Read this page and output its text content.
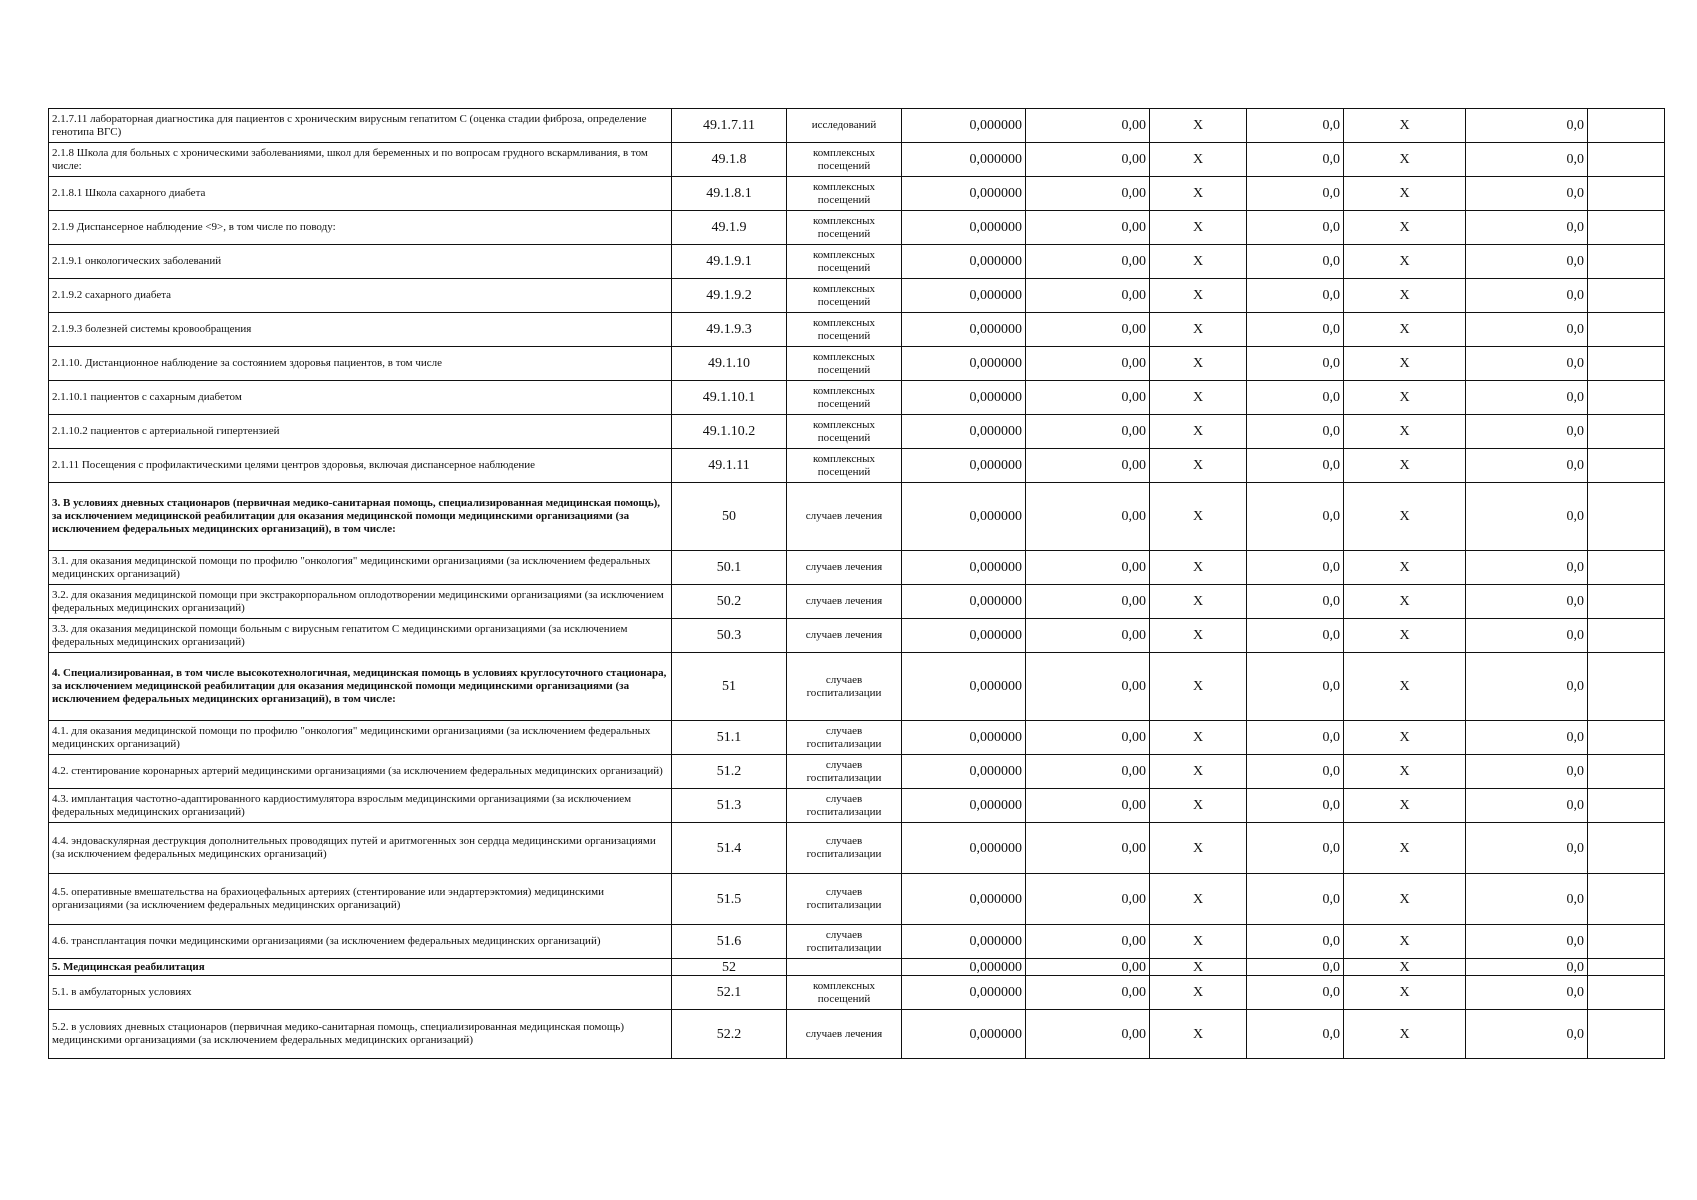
2.1.7.11 лабораторная диагностика для пациентов с хроническим вирусным гепатитом С (оценка стадии фиброза, определение генотипа ВГС)	49.1.7.11	исследований	0,000000	0,00	X	0,0	X	0,0	
2.1.8 Школа для больных с хроническими заболеваниями, школ для беременных и по вопросам грудного вскармливания, в том числе:	49.1.8	комплексных посещений	0,000000	0,00	X	0,0	X	0,0	
2.1.8.1 Школа сахарного диабета	49.1.8.1	комплексных посещений	0,000000	0,00	X	0,0	X	0,0	
2.1.9 Диспансерное наблюдение <9>, в том числе по поводу:	49.1.9	комплексных посещений	0,000000	0,00	X	0,0	X	0,0	
2.1.9.1 онкологических заболеваний	49.1.9.1	комплексных посещений	0,000000	0,00	X	0,0	X	0,0	
2.1.9.2 сахарного диабета	49.1.9.2	комплексных посещений	0,000000	0,00	X	0,0	X	0,0	
2.1.9.3 болезней системы кровообращения	49.1.9.3	комплексных посещений	0,000000	0,00	X	0,0	X	0,0	
2.1.10. Дистанционное наблюдение за состоянием здоровья пациентов, в том числе	49.1.10	комплексных посещений	0,000000	0,00	X	0,0	X	0,0	
2.1.10.1 пациентов с сахарным диабетом	49.1.10.1	комплексных посещений	0,000000	0,00	X	0,0	X	0,0	
2.1.10.2 пациентов с артериальной гипертензией	49.1.10.2	комплексных посещений	0,000000	0,00	X	0,0	X	0,0	
2.1.11 Посещения с профилактическими целями центров здоровья, включая диспансерное наблюдение	49.1.11	комплексных посещений	0,000000	0,00	X	0,0	X	0,0	
3. В условиях дневных стационаров (первичная медико-санитарная помощь, специализированная медицинская помощь), за исключением медицинской реабилитации для оказания медицинской помощи медицинскими организациями (за исключением федеральных медицинских организаций), в том числе:	50	случаев лечения	0,000000	0,00	X	0,0	X	0,0	
3.1. для оказания медицинской помощи по профилю "онкология" медицинскими организациями (за исключением федеральных медицинских организаций)	50.1	случаев лечения	0,000000	0,00	X	0,0	X	0,0	
3.2. для оказания медицинской помощи при экстракорпоральном оплодотворении медицинскими организациями (за исключением федеральных медицинских организаций)	50.2	случаев лечения	0,000000	0,00	X	0,0	X	0,0	
3.3. для оказания медицинской помощи больным с вирусным гепатитом С медицинскими организациями (за исключением федеральных медицинских организаций)	50.3	случаев лечения	0,000000	0,00	X	0,0	X	0,0	
4. Специализированная, в том числе высокотехнологичная, медицинская помощь в условиях круглосуточного стационара, за исключением медицинской реабилитации для оказания медицинской помощи медицинскими организациями (за исключением федеральных медицинских организаций), в том числе:	51	случаев госпитализации	0,000000	0,00	X	0,0	X	0,0	
4.1. для оказания медицинской помощи по профилю "онкология" медицинскими организациями (за исключением федеральных медицинских организаций)	51.1	случаев госпитализации	0,000000	0,00	X	0,0	X	0,0	
4.2. стентирование коронарных артерий медицинскими организациями (за исключением федеральных медицинских организаций)	51.2	случаев госпитализации	0,000000	0,00	X	0,0	X	0,0	
4.3. имплантация частотно-адаптированного кардиостимулятора взрослым медицинскими организациями (за исключением федеральных медицинских организаций)	51.3	случаев госпитализации	0,000000	0,00	X	0,0	X	0,0	
4.4. эндоваскулярная деструкция дополнительных проводящих путей и аритмогенных зон сердца медицинскими организациями (за исключением федеральных медицинских организаций)	51.4	случаев госпитализации	0,000000	0,00	X	0,0	X	0,0	
4.5. оперативные вмешательства на брахиоцефальных артериях (стентирование или эндартерэктомия) медицинскими организациями (за исключением федеральных медицинских организаций)	51.5	случаев госпитализации	0,000000	0,00	X	0,0	X	0,0	
4.6. трансплантация почки медицинскими организациями (за исключением федеральных медицинских организаций)	51.6	случаев госпитализации	0,000000	0,00	X	0,0	X	0,0	
5. Медицинская реабилитация	52		0,000000	0,00	X	0,0	X	0,0	
5.1. в амбулаторных условиях	52.1	комплексных посещений	0,000000	0,00	X	0,0	X	0,0	
5.2. в условиях дневных стационаров (первичная медико-санитарная помощь, специализированная медицинская помощь) медицинскими организациями (за исключением федеральных медицинских организаций)	52.2	случаев лечения	0,000000	0,00	X	0,0	X	0,0	
